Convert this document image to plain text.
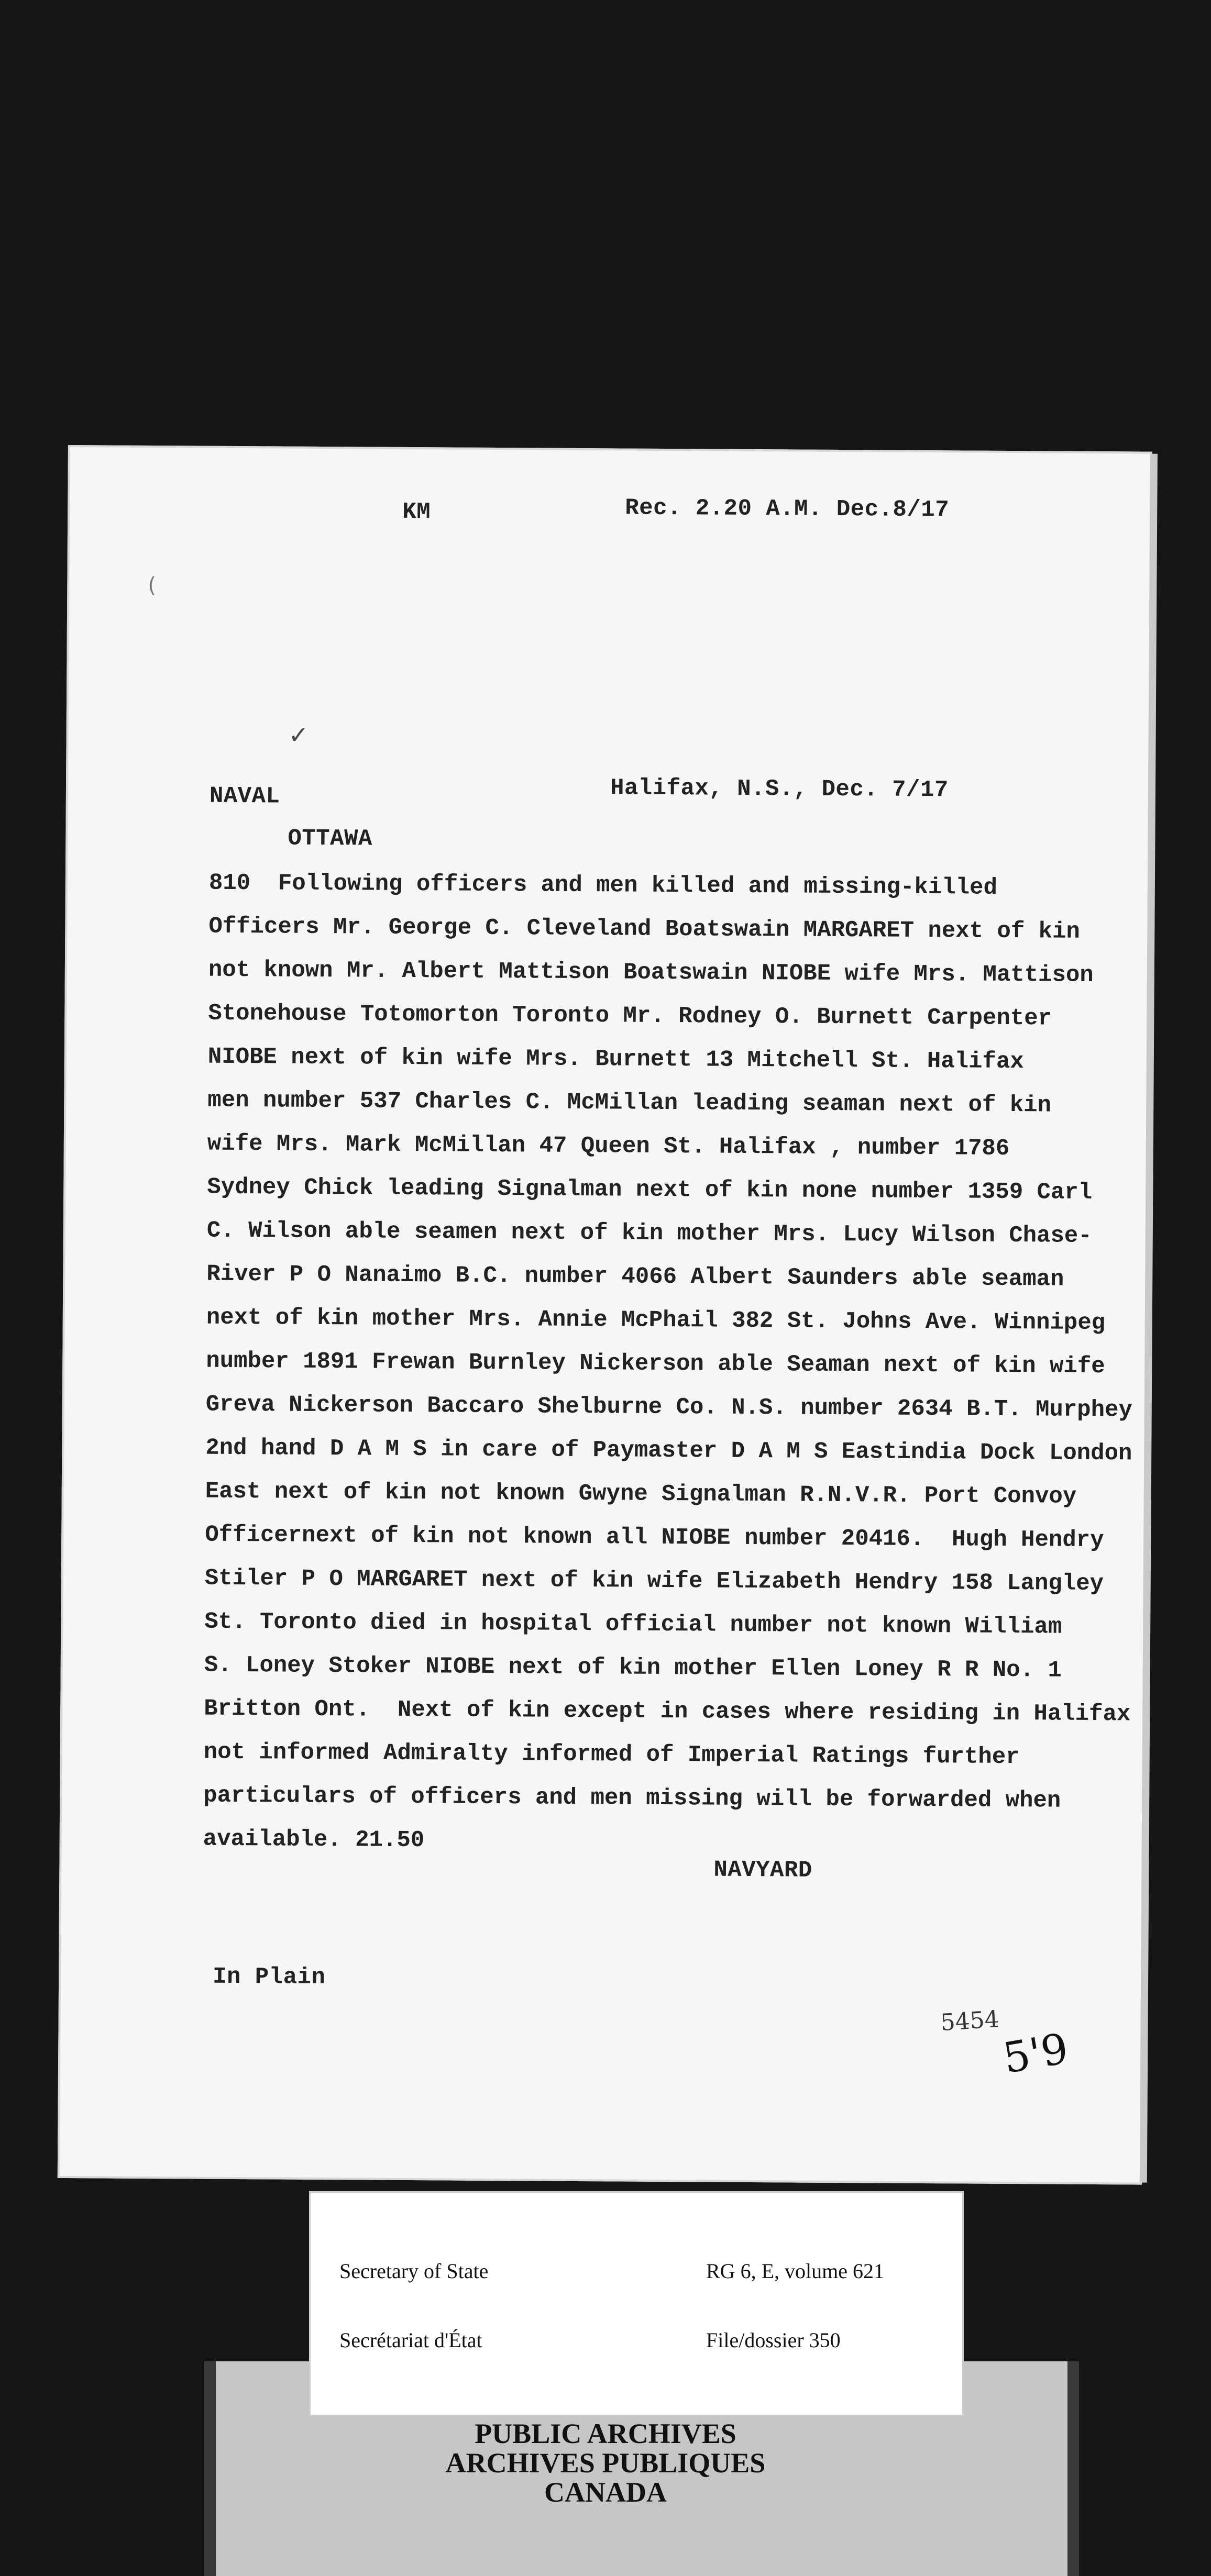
(
KM	Rec. 2.20 A.M. Dec.8/17
✓
NAVAL	Halifax, N.S., Dec. 7/17
OTTAWA
810  Following officers and men killed and missing-killed
Officers Mr. George C. Cleveland Boatswain MARGARET next of kin
not known Mr. Albert Mattison Boatswain NIOBE wife Mrs. Mattison
Stonehouse Totomorton Toronto Mr. Rodney O. Burnett Carpenter
NIOBE next of kin wife Mrs. Burnett 13 Mitchell St. Halifax
men number 537 Charles C. McMillan leading seaman next of kin
wife Mrs. Mark McMillan 47 Queen St. Halifax , number 1786
Sydney Chick leading Signalman next of kin none number 1359 Carl
C. Wilson able seamen next of kin mother Mrs. Lucy Wilson Chase-
River P O Nanaimo B.C. number 4066 Albert Saunders able seaman
next of kin mother Mrs. Annie McPhail 382 St. Johns Ave. Winnipeg
number 1891 Frewan Burnley Nickerson able Seaman next of kin wife
Greva Nickerson Baccaro Shelburne Co. N.S. number 2634 B.T. Murphey
2nd hand D A M S in care of Paymaster D A M S Eastindia Dock London
East next of kin not known Gwyne Signalman R.N.V.R. Port Convoy
Officernext of kin not known all NIOBE number 20416.  Hugh Hendry
Stiler P O MARGARET next of kin wife Elizabeth Hendry 158 Langley
St. Toronto died in hospital official number not known William
S. Loney Stoker NIOBE next of kin mother Ellen Loney R R No. 1
Britton Ont.  Next of kin except in cases where residing in Halifax
not informed Admiralty informed of Imperial Ratings further
particulars of officers and men missing will be forwarded when
available. 21.50
NAVYARD
In Plain
5454
5'9

Secretary of State

Secrétariat d'État

RG 6, E, volume 621

File/dossier 350

PUBLIC ARCHIVES
ARCHIVES PUBLIQUES
CANADA
